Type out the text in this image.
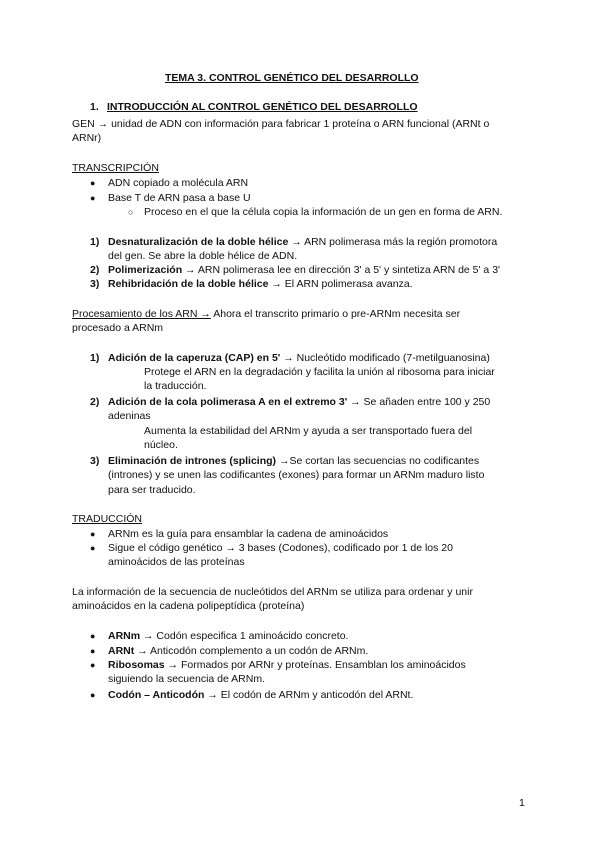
TEMA 3. CONTROL GENÉTICO DEL DESARROLLO
1. INTRODUCCIÓN AL CONTROL GENÉTICO DEL DESARROLLO
GEN → unidad de ADN con información para fabricar 1 proteína o ARN funcional (ARNt o
ARNr)
TRANSCRIPCIÓN
● ADN copiado a molécula ARN
● Base T de ARN pasa a base U
○ Proceso en el que la célula copia la información de un gen en forma de ARN.
1) Desnaturalización de la doble hélice → ARN polimerasa más la región promotora
del gen. Se abre la doble hélice de ADN.
2) Polimerización → ARN polimerasa lee en dirección 3' a 5' y sintetiza ARN de 5' a 3'
3) Rehibridación de la doble hélice → El ARN polimerasa avanza.
Procesamiento de los ARN → Ahora el transcrito primario o pre-ARNm necesita ser
procesado a ARNm
1) Adición de la caperuza (CAP) en 5' → Nucleótido modificado (7-metilguanosina)
Protege el ARN en la degradación y facilita la unión al ribosoma para iniciar
la traducción.
2) Adición de la cola polimerasa A en el extremo 3' → Se añaden entre 100 y 250
adeninas
Aumenta la estabilidad del ARNm y ayuda a ser transportado fuera del
núcleo.
3) Eliminación de intrones (splicing) →Se cortan las secuencias no codificantes
(intrones) y se unen las codificantes (exones) para formar un ARNm maduro listo
para ser traducido.
TRADUCCIÓN
● ARNm es la guía para ensamblar la cadena de aminoácidos
● Sigue el código genético → 3 bases (Codones), codificado por 1 de los 20
aminoácidos de las proteínas
La información de la secuencia de nucleótidos del ARNm se utiliza para ordenar y unir
aminoácidos en la cadena polipeptídica (proteína)
● ARNm → Codón especifica 1 aminoácido concreto.
● ARNt → Anticodón complemento a un codón de ARNm.
● Ribosomas → Formados por ARNr y proteínas. Ensamblan los aminoácidos
siguiendo la secuencia de ARNm.
● Codón – Anticodón → El codón de ARNm y anticodón del ARNt.
1
